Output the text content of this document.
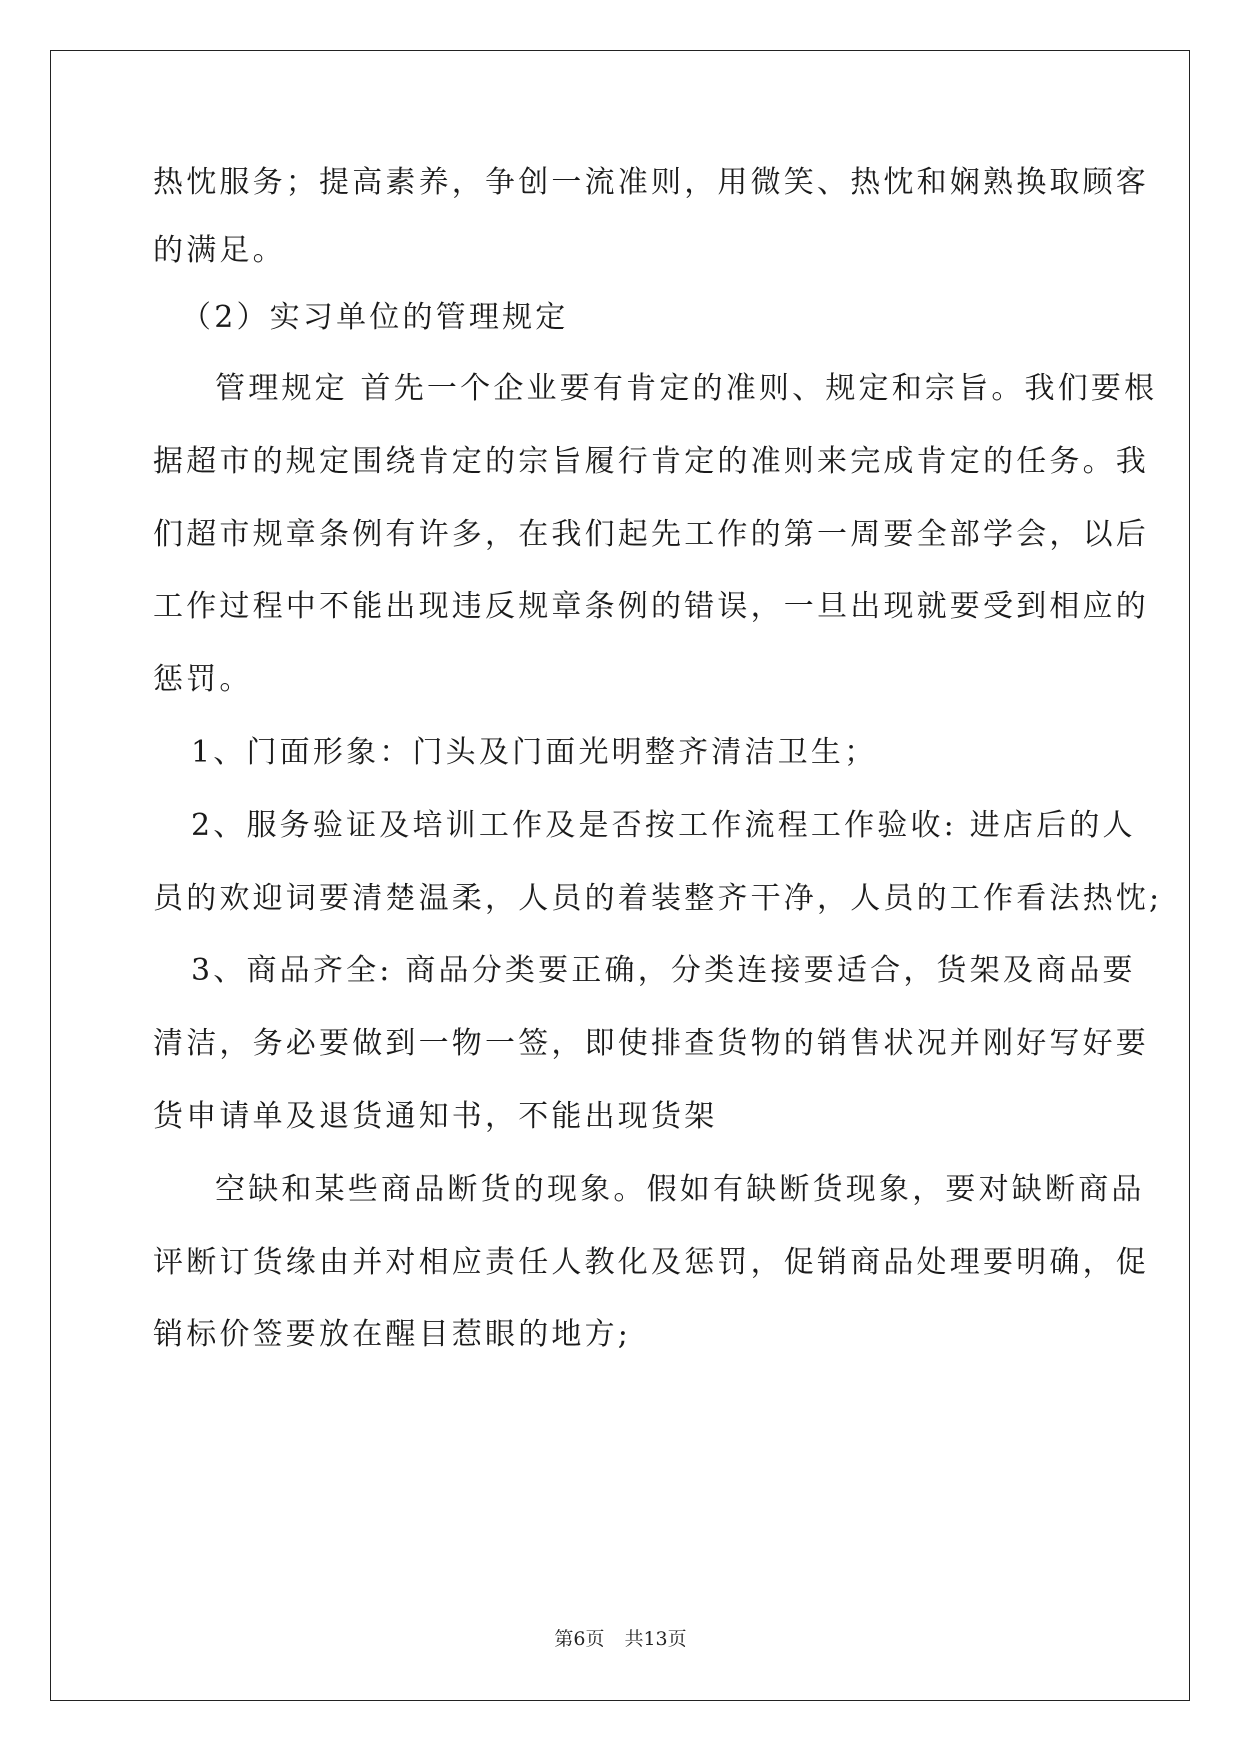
热忱服务；提高素养，争创一流准则，用微笑、热忱和娴熟换取顾客
的满足。
（2）实习单位的管理规定
管理规定 首先一个企业要有肯定的准则、规定和宗旨。我们要根
据超市的规定围绕肯定的宗旨履行肯定的准则来完成肯定的任务。我
们超市规章条例有许多，在我们起先工作的第一周要全部学会，以后
工作过程中不能出现违反规章条例的错误，一旦出现就要受到相应的
惩罚。
1、门面形象：门头及门面光明整齐清洁卫生；
2、服务验证及培训工作及是否按工作流程工作验收: 进店后的人
员的欢迎词要清楚温柔，人员的着装整齐干净，人员的工作看法热忱;
3、商品齐全: 商品分类要正确，分类连接要适合，货架及商品要
清洁，务必要做到一物一签，即使排查货物的销售状况并刚好写好要
货申请单及退货通知书，不能出现货架
空缺和某些商品断货的现象。假如有缺断货现象，要对缺断商品
评断订货缘由并对相应责任人教化及惩罚，促销商品处理要明确，促
销标价签要放在醒目惹眼的地方;
第6页 共13页
